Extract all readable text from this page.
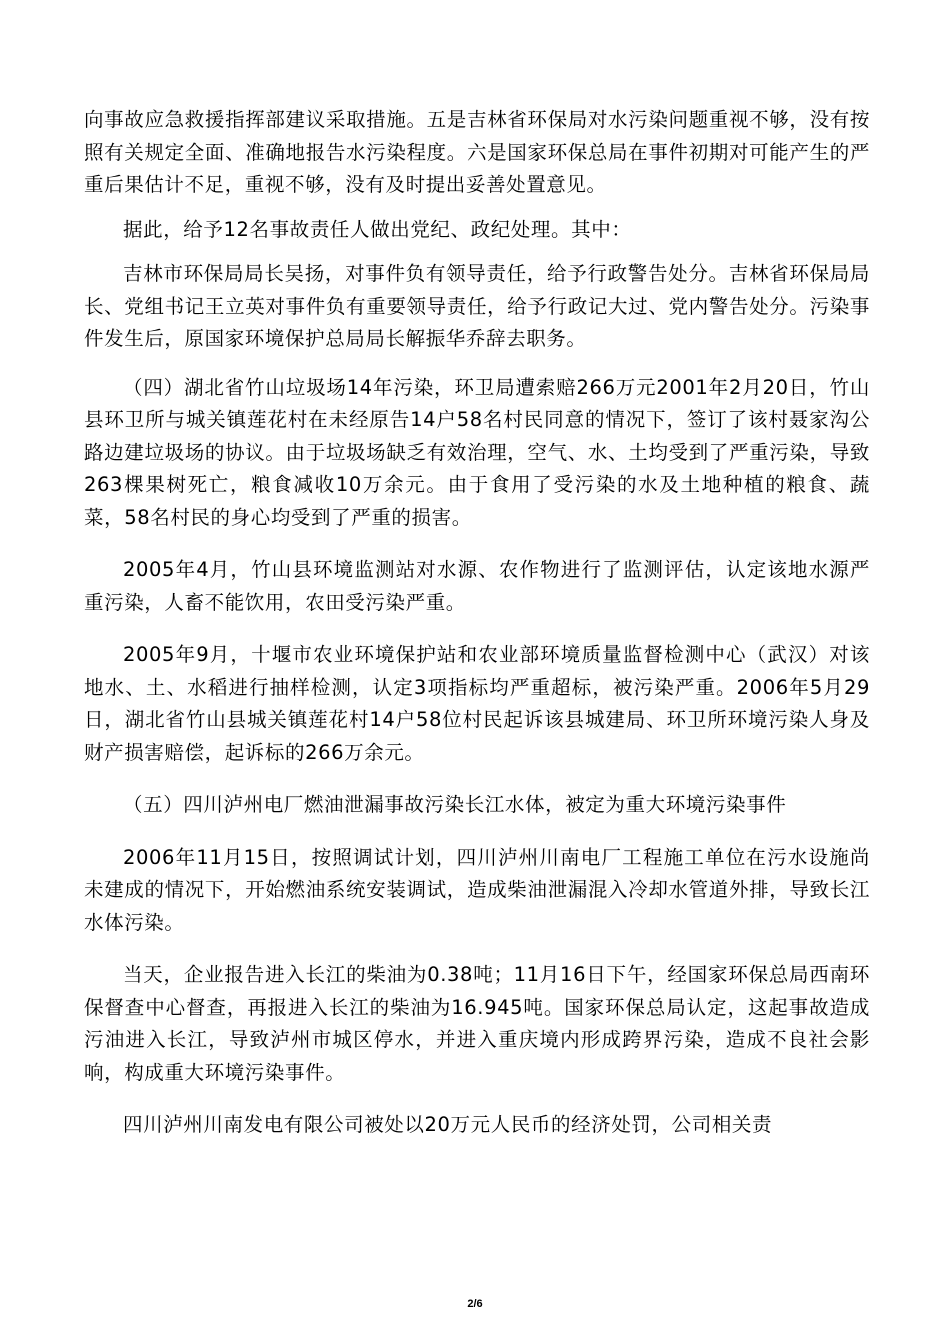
向事故应急救援指挥部建议采取措施。五是吉林省环保局对水污染问题重视不够，没有按照有关规定全面、准确地报告水污染程度。六是国家环保总局在事件初期对可能产生的严重后果估计不足，重视不够，没有及时提出妥善处置意见。

据此，给予12名事故责任人做出党纪、政纪处理。其中：

吉林市环保局局长吴扬，对事件负有领导责任，给予行政警告处分。吉林省环保局局长、党组书记王立英对事件负有重要领导责任，给予行政记大过、党内警告处分。污染事件发生后，原国家环境保护总局局长解振华乔辞去职务。

（四）湖北省竹山垃圾场14年污染，环卫局遭索赔266万元2001年2月20日，竹山县环卫所与城关镇莲花村在未经原告14户58名村民同意的情况下，签订了该村聂家沟公路边建垃圾场的协议。由于垃圾场缺乏有效治理，空气、水、土均受到了严重污染，导致263棵果树死亡，粮食减收10万余元。由于食用了受污染的水及土地种植的粮食、蔬菜，58名村民的身心均受到了严重的损害。

2005年4月，竹山县环境监测站对水源、农作物进行了监测评估，认定该地水源严重污染，人畜不能饮用，农田受污染严重。

2005年9月，十堰市农业环境保护站和农业部环境质量监督检测中心（武汉）对该地水、土、水稻进行抽样检测，认定3项指标均严重超标，被污染严重。2006年5月29日，湖北省竹山县城关镇莲花村14户58位村民起诉该县城建局、环卫所环境污染人身及财产损害赔偿，起诉标的266万余元。

（五）四川泸州电厂燃油泄漏事故污染长江水体，被定为重大环境污染事件

2006年11月15日，按照调试计划，四川泸州川南电厂工程施工单位在污水设施尚未建成的情况下，开始燃油系统安装调试，造成柴油泄漏混入冷却水管道外排，导致长江水体污染。

当天，企业报告进入长江的柴油为0.38吨；11月16日下午，经国家环保总局西南环保督查中心督查，再报进入长江的柴油为16.945吨。国家环保总局认定，这起事故造成污油进入长江，导致泸州市城区停水，并进入重庆境内形成跨界污染，造成不良社会影响，构成重大环境污染事件。

四川泸州川南发电有限公司被处以20万元人民币的经济处罚，公司相关责

2/6
